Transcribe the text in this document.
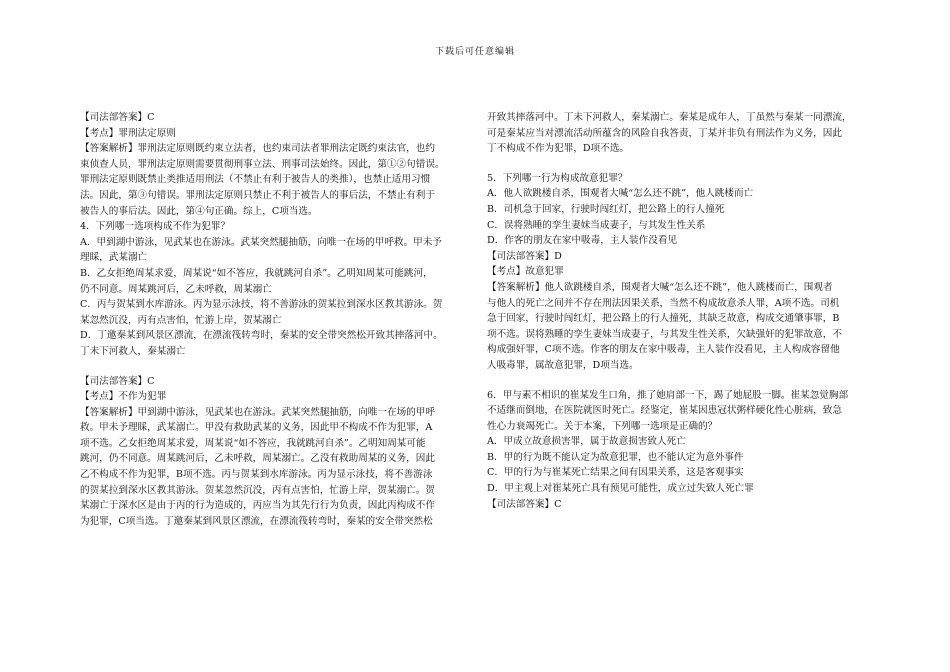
下载后可任意编辑

【司法部答案】C

【考点】罪刑法定原则

【答案解析】罪刑法定原则既约束立法者，也约束司法者罪刑法定既约束法官，也约

束侦查人员，罪刑法定原则需要贯彻刑事立法、刑事司法始终。因此，第①②句错误。

罪刑法定原则既禁止类推适用刑法（不禁止有利于被告人的类推），也禁止适用习惯

法。因此，第③句错误。罪刑法定原则只禁止不利于被告人的事后法，不禁止有利于

被告人的事后法。因此，第④句正确。综上，C项当选。

4．下列哪一选项构成不作为犯罪？

A．甲到湖中游泳，见武某也在游泳。武某突然腿抽筋，向唯一在场的甲呼救。甲未予

理睬，武某溺亡

B．乙女拒绝周某求爱，周某说“如不答应，我就跳河自杀”。乙明知周某可能跳河，

仍不同意。周某跳河后，乙未呼救，周某溺亡

C．丙与贺某到水库游泳。丙为显示泳技，将不善游泳的贺某拉到深水区教其游泳。贺

某忽然沉没，丙有点害怕，忙游上岸，贺某溺亡

D．丁邀秦某到风景区漂流，在漂流筏转弯时，秦某的安全带突然松开致其摔落河中。

丁未下河救人，秦某溺亡

【司法部答案】C

【考点】不作为犯罪

【答案解析】甲到湖中游泳，见武某也在游泳。武某突然腿抽筋，向唯一在场的甲呼

救。甲未予理睬，武某溺亡。甲没有救助武某的义务，因此甲不构成不作为犯罪，A

项不选。乙女拒绝周某求爱，周某说“如不答应，我就跳河自杀”。乙明知周某可能

跳河，仍不同意。周某跳河后，乙未呼救，周某溺亡。乙没有救助周某的义务，因此

乙不构成不作为犯罪，B项不选。丙与贺某到水库游泳。丙为显示泳技，将不善游泳

的贺某拉到深水区教其游泳。贺某忽然沉没，丙有点害怕，忙游上岸，贺某溺亡。贺

某溺亡于深水区是由于丙的行为造成的，丙应当为其先行行为负责，因此丙构成不作

为犯罪，C项当选。丁邀秦某到风景区漂流，在漂流筏转弯时，秦某的安全带突然松

开致其摔落河中。丁未下河救人，秦某溺亡。秦某是成年人，丁虽然与秦某一同漂流，

可是秦某应当对漂流活动所蕴含的风险自我答责，丁某并非负有刑法作为义务，因此

丁不构成不作为犯罪，D项不选。

5．下列哪一行为构成故意犯罪？

A．他人欲跳楼自杀，围观者大喊“怎么还不跳”，他人跳楼而亡

B．司机急于回家，行驶时闯红灯，把公路上的行人撞死

C．误将熟睡的孪生妻妹当成妻子，与其发生性关系

D．作客的朋友在家中吸毒，主人装作没看见

【司法部答案】D

【考点】故意犯罪

【答案解析】他人欲跳楼自杀，围观者大喊“怎么还不跳”，他人跳楼而亡，围观者

与他人的死亡之间并不存在刑法因果关系，当然不构成故意杀人罪，A项不选。司机

急于回家，行驶时闯红灯，把公路上的行人撞死，其缺乏故意，构成交通肇事罪，B

项不选。误将熟睡的孪生妻妹当成妻子，与其发生性关系，欠缺强奸的犯罪故意，不

构成强奸罪，C项不选。作客的朋友在家中吸毒，主人装作没看见，主人构成容留他

人吸毒罪，属故意犯罪，D项当选。

6．甲与素不相识的崔某发生口角，推了她肩部一下，踢了她屁股一脚。崔某忽觉胸部

不适继而倒地，在医院就医时死亡。经鉴定，崔某因患冠状粥样硬化性心脏病，致急

性心力衰竭死亡。关于本案，下列哪一选项是正确的？

A．甲成立故意损害罪，属于故意损害致人死亡

B．甲的行为既不能认定为故意犯罪，也不能认定为意外事件

C．甲的行为与崔某死亡结果之间有因果关系，这是客观事实

D．甲主观上对崔某死亡具有预见可能性，成立过失致人死亡罪

【司法部答案】C
